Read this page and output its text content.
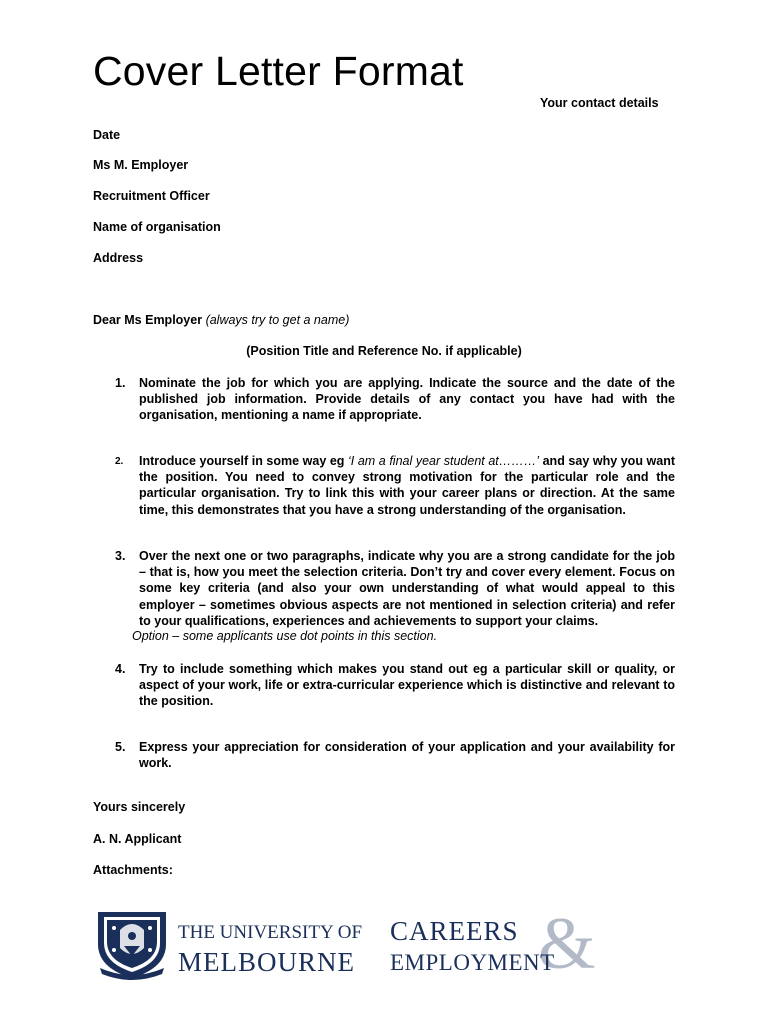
Cover Letter Format
Your contact details
Date
Ms M. Employer
Recruitment Officer
Name of organisation
Address
Dear Ms Employer (always try to get a name)
(Position Title and Reference No. if applicable)
1. Nominate the job for which you are applying. Indicate the source and the date of the published job information. Provide details of any contact you have had with the organisation, mentioning a name if appropriate.
2. Introduce yourself in some way eg ‘I am a final year student at………’ and say why you want the position. You need to convey strong motivation for the particular role and the particular organisation. Try to link this with your career plans or direction. At the same time, this demonstrates that you have a strong understanding of the organisation.
3. Over the next one or two paragraphs, indicate why you are a strong candidate for the job – that is, how you meet the selection criteria. Don’t try and cover every element. Focus on some key criteria (and also your own understanding of what would appeal to this employer – sometimes obvious aspects are not mentioned in selection criteria) and refer to your qualifications, experiences and achievements to support your claims.
Option – some applicants use dot points in this section.
4. Try to include something which makes you stand out eg a particular skill or quality, or aspect of your work, life or extra-curricular experience which is distinctive and relevant to the position.
5. Express your appreciation for consideration of your application and your availability for work.
Yours sincerely
A. N. Applicant
Attachments:
THE UNIVERSITY OF
MELBOURNE &
CAREERS
EMPLOYMENT
